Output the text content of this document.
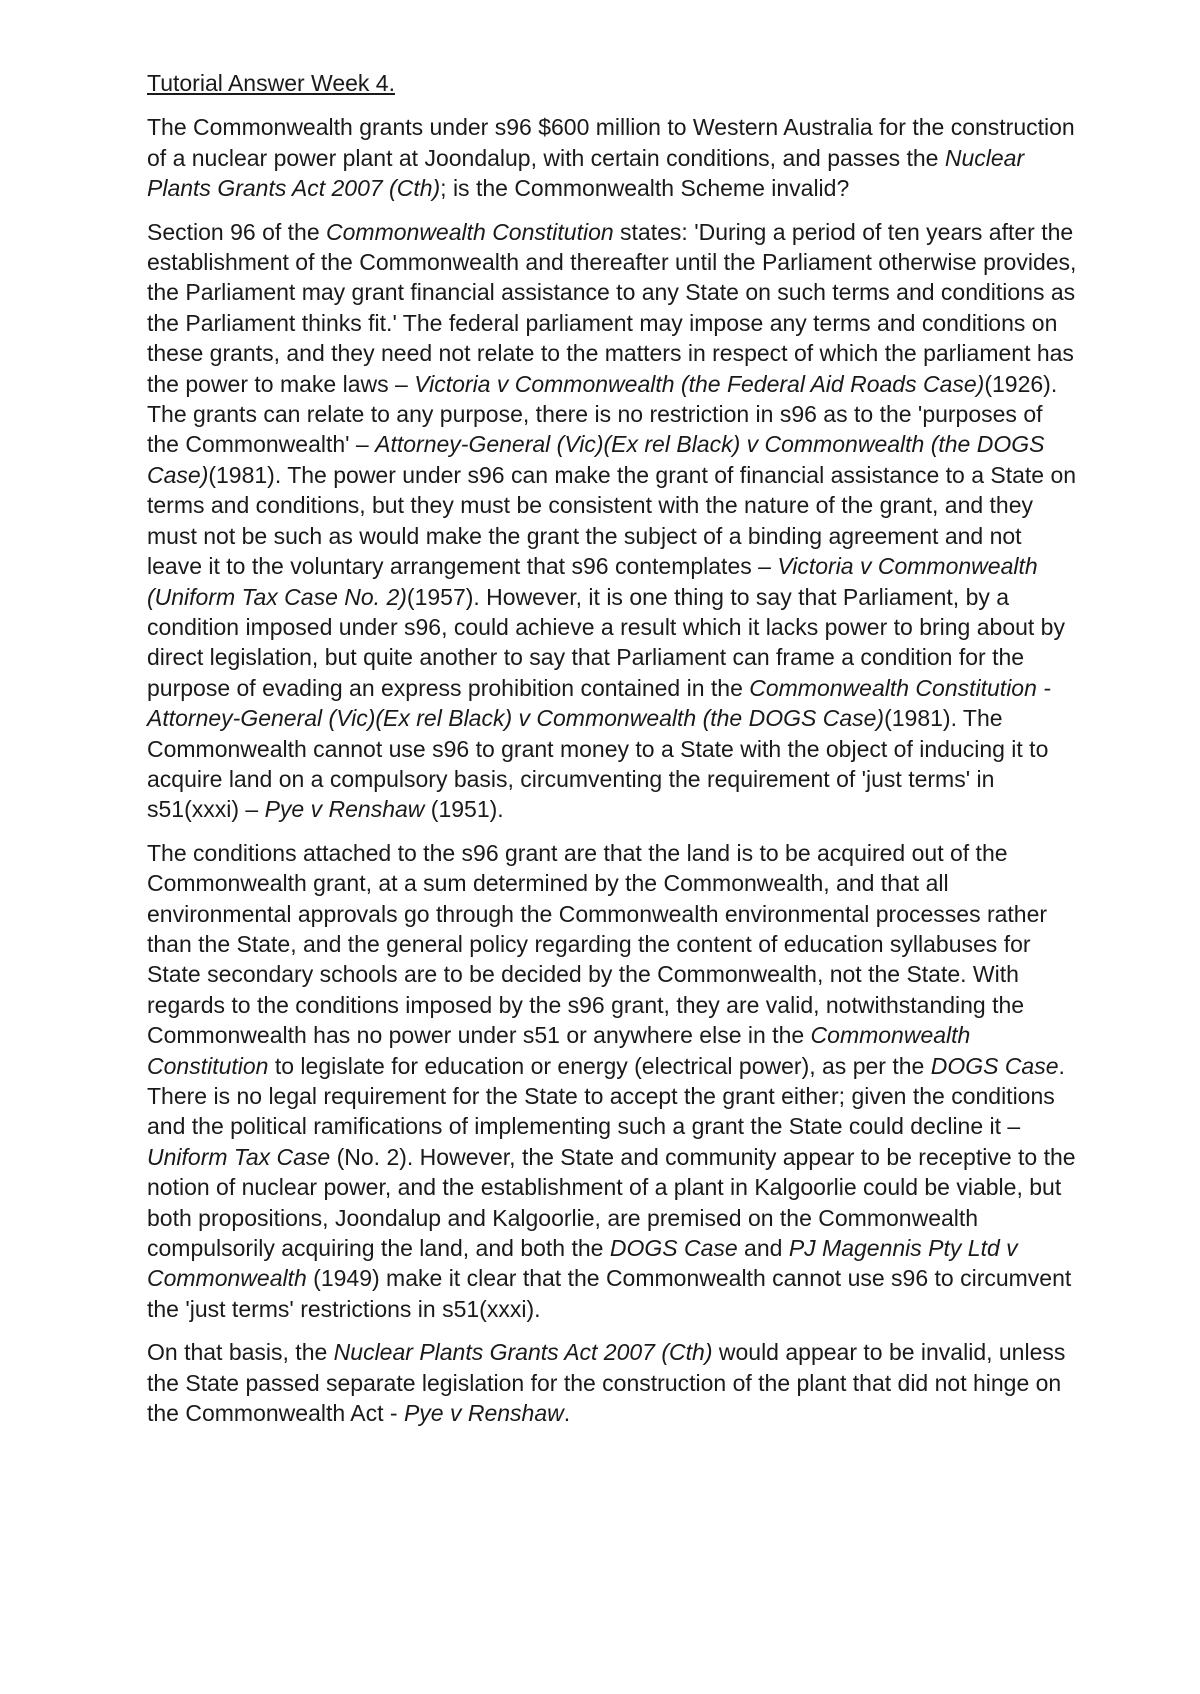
Tutorial Answer Week 4.

The Commonwealth grants under s96 $600 million to Western Australia for the construction of a nuclear power plant at Joondalup, with certain conditions, and passes the Nuclear Plants Grants Act 2007 (Cth); is the Commonwealth Scheme invalid?

Section 96 of the Commonwealth Constitution states: 'During a period of ten years after the establishment of the Commonwealth and thereafter until the Parliament otherwise provides, the Parliament may grant financial assistance to any State on such terms and conditions as the Parliament thinks fit.' The federal parliament may impose any terms and conditions on these grants, and they need not relate to the matters in respect of which the parliament has the power to make laws – Victoria v Commonwealth (the Federal Aid Roads Case)(1926). The grants can relate to any purpose, there is no restriction in s96 as to the 'purposes of the Commonwealth' – Attorney-General (Vic)(Ex rel Black) v Commonwealth (the DOGS Case)(1981). The power under s96 can make the grant of financial assistance to a State on terms and conditions, but they must be consistent with the nature of the grant, and they must not be such as would make the grant the subject of a binding agreement and not leave it to the voluntary arrangement that s96 contemplates – Victoria v Commonwealth (Uniform Tax Case No. 2)(1957). However, it is one thing to say that Parliament, by a condition imposed under s96, could achieve a result which it lacks power to bring about by direct legislation, but quite another to say that Parliament can frame a condition for the purpose of evading an express prohibition contained in the Commonwealth Constitution - Attorney-General (Vic)(Ex rel Black) v Commonwealth (the DOGS Case)(1981). The Commonwealth cannot use s96 to grant money to a State with the object of inducing it to acquire land on a compulsory basis, circumventing the requirement of 'just terms' in s51(xxxi) – Pye v Renshaw (1951).

The conditions attached to the s96 grant are that the land is to be acquired out of the Commonwealth grant, at a sum determined by the Commonwealth, and that all environmental approvals go through the Commonwealth environmental processes rather than the State, and the general policy regarding the content of education syllabuses for State secondary schools are to be decided by the Commonwealth, not the State. With regards to the conditions imposed by the s96 grant, they are valid, notwithstanding the Commonwealth has no power under s51 or anywhere else in the Commonwealth Constitution to legislate for education or energy (electrical power), as per the DOGS Case. There is no legal requirement for the State to accept the grant either; given the conditions and the political ramifications of implementing such a grant the State could decline it – Uniform Tax Case (No. 2). However, the State and community appear to be receptive to the notion of nuclear power, and the establishment of a plant in Kalgoorlie could be viable, but both propositions, Joondalup and Kalgoorlie, are premised on the Commonwealth compulsorily acquiring the land, and both the DOGS Case and PJ Magennis Pty Ltd v Commonwealth (1949) make it clear that the Commonwealth cannot use s96 to circumvent the 'just terms' restrictions in s51(xxxi).

On that basis, the Nuclear Plants Grants Act 2007 (Cth) would appear to be invalid, unless the State passed separate legislation for the construction of the plant that did not hinge on the Commonwealth Act - Pye v Renshaw.
